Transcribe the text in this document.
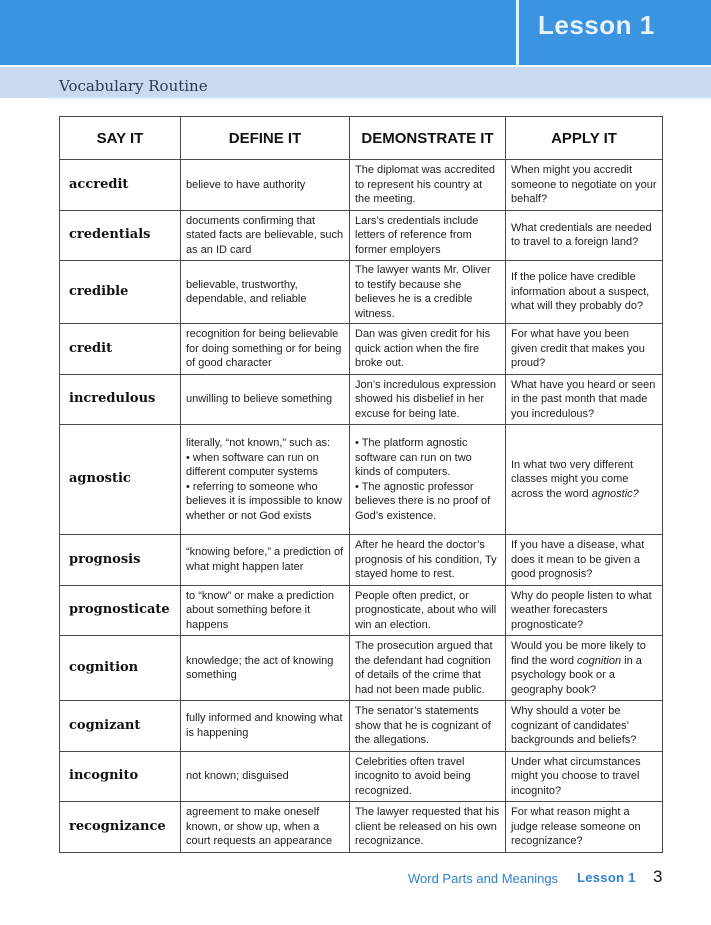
Lesson 1
Vocabulary Routine
SAY IT	DEFINE IT	DEMONSTRATE IT	APPLY IT
accredit	believe to have authority	The diplomat was accredited to represent his country at the meeting.	When might you accredit someone to negotiate on your behalf?
credentials	documents confirming that stated facts are believable, such as an ID card	Lars’s credentials include letters of reference from former employers	What credentials are needed to travel to a foreign land?
credible	believable, trustworthy, dependable, and reliable	The lawyer wants Mr. Oliver to testify because she believes he is a credible witness.	If the police have credible information about a suspect, what will they probably do?
credit	recognition for being believable for doing something or for being of good character	Dan was given credit for his quick action when the fire broke out.	For what have you been given credit that makes you proud?
incredulous	unwilling to believe something	Jon’s incredulous expression showed his disbelief in her excuse for being late.	What have you heard or seen in the past month that made you incredulous?
agnostic	literally, “not known,” such as:
• when software can run on different computer systems
• referring to someone who believes it is impossible to know whether or not God exists	• The platform agnostic software can run on two kinds of computers.
• The agnostic professor believes there is no proof of God’s existence.	In what two very different classes might you come across the word agnostic?
prognosis	“knowing before,” a prediction of what might happen later	After he heard the doctor’s prognosis of his condition, Ty stayed home to rest.	If you have a disease, what does it mean to be given a good prognosis?
prognosticate	to “know” or make a prediction about something before it happens	People often predict, or prognosticate, about who will win an election.	Why do people listen to what weather forecasters prognosticate?
cognition	knowledge; the act of knowing something	The prosecution argued that the defendant had cognition of details of the crime that had not been made public.	Would you be more likely to find the word cognition in a psychology book or a geography book?
cognizant	fully informed and knowing what is happening	The senator’s statements show that he is cognizant of the allegations.	Why should a voter be cognizant of candidates’ backgrounds and beliefs?
incognito	not known; disguised	Celebrities often travel incognito to avoid being recognized.	Under what circumstances might you choose to travel incognito?
recognizance	agreement to make oneself known, or show up, when a court requests an appearance	The lawyer requested that his client be released on his own recognizance.	For what reason might a judge release someone on recognizance?
Word Parts and Meanings Lesson 1 3
